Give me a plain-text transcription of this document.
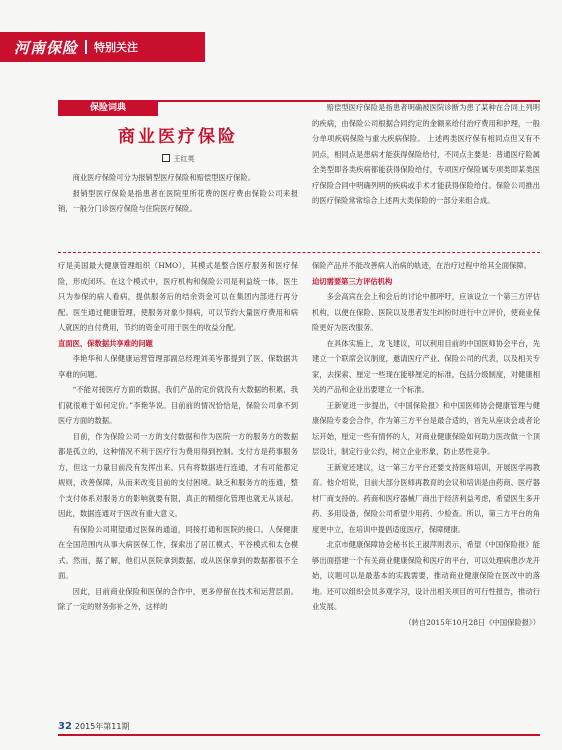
河南保险 特别关注
保险词典
商业医疗保险
王红英

商业医疗保险可分为报销型医疗保险和赔偿型医疗保险。

报销型医疗保险是指患者在医院里所花费的医疗费由保险公司来报销，一般分门诊医疗保险与住院医疗保险。

赔偿型医疗保险是指患者明确被医院诊断为患了某种在合同上列明的疾病，由保险公司根据合同约定的金额来给付治疗费用和护理，一般分单项疾病保险与重大疾病保险。 上述两类医疗保有相同点但又有不同点，相同点是患病才能获得保险给付，不同点主要是：普通医疗险属全类型即各类疾病都能获得保险给付，专项医疗保险属专项类即某类医疗保险合同中明确列明的疾病或手术才能获得保险给付。保险公司推出的医疗保险常常综合上述两大类保险的一部分来组合成。

疗是美国最大健康管理组织（HMO），其模式是整合医疗服务和医疗保险，形成闭环。在这个模式中，医疗机构和保险公司是利益统一体，医生只为参保的病人看病，提供服务后的结余资金可以在集团内部进行再分配。医生通过健康管理，使服务对象少得病，可以节约大量医疗费用和病人就医的自付费用，节约的资金可用于医生的收益分配。

直面医、保数据共享难的问题

李艳华和人保健康运营管理部副总经理刘美岑都提到了医、保数据共享难的问题。

“不能对接医疗方面的数据，我们产品的定价就没有大数据的积累，我们就很难于如何定价。”李艳华说。目前前的情况恰恰是，保险公司拿不到医疗方面的数据。

目前，作为保险公司一方的支付数据和作为医院一方的服务方的数据都是孤立的，这种情况不利于医疗行为费用得到控制。支付方是药事服务方，但这一力量目前没有发挥出来。只有将数据进行连通，才有可能都定规则，改善保障，从而来改变目前的支付困境。缺乏和服务方的连通，整个支付体系对服务方的影响就要有限，真正的精细化管理也就无从谈起。因此，数据连通对于医改有重大意义。

有保险公司期望通过医保的通道，同接打通和医院的接口。人保健康在全国范围内从事大病医保工作，探索出了居江模式、平谷模式和太仓模式。然而，据了解，他们从医院拿到数据，或从医保拿到的数据都很不全面。

因此，目前商业保险和医保的合作中，更多停留在技术和运营层面。除了一定的财务弥补之外，这样的

保险产品并不能改善病人治病的轨迹，在治疗过程中给其全面保障。

迫切需要第三方评估机构

多会高宾在会上和会后的讨论中都呼吁，应该设立一个第三方评估机构，以便在保险、医院以及患者发生纠纷时进行中立评价，使商业保险更好为医改服务。

在具体实施上，龙飞建议，可以利用目前的中国医师协会平台，先建立一个联席会议制度，邀请医疗产业、保险公司的代表，以及相关专家，去探索、厘定一些现在能够厘定的标准，包括分级制度，对健康相关的产品和企业出要建立一个标准。

王新宽进一步提出，《中国保险报》和中国医师协会健康管理与健康保险专委会合作，作为第三方平台是最合适的，首先从座谈会或者论坛开始，厘定一些有情怀的人，对商业健康保险如何助力医改做一个顶层设计，制定行业公约，树立企业形象，防止恶性竞争。

王新宽还建议，这一第三方平台还要支持医师培训，开展医学再教育。他介绍说，目前大部分医师再教育的会议和培训是由药商、医疗器材厂商支持的。药商和医疗器械厂商出于经济利益考虑，希望医生多开药、多用设备，保险公司希望少用药、少检查。所以，第三方平台的角度更中立，在培训中提倡适度医疗，保障健康。

北京市健康保障协会秘书长王淑萍则表示，希望《中国保险报》能够出面搭建一个有关商业健康保险和医疗的平台，可以处理病患沙龙开始，议题可以是最基本的实践需要，推动商业健康保险在医改中的落地。还可以组织会员多观学习，设计出相关项目的可行性报告，推动行业发展。

（转自2015年10月28日《中国保险报》）

32 2015年第11期
